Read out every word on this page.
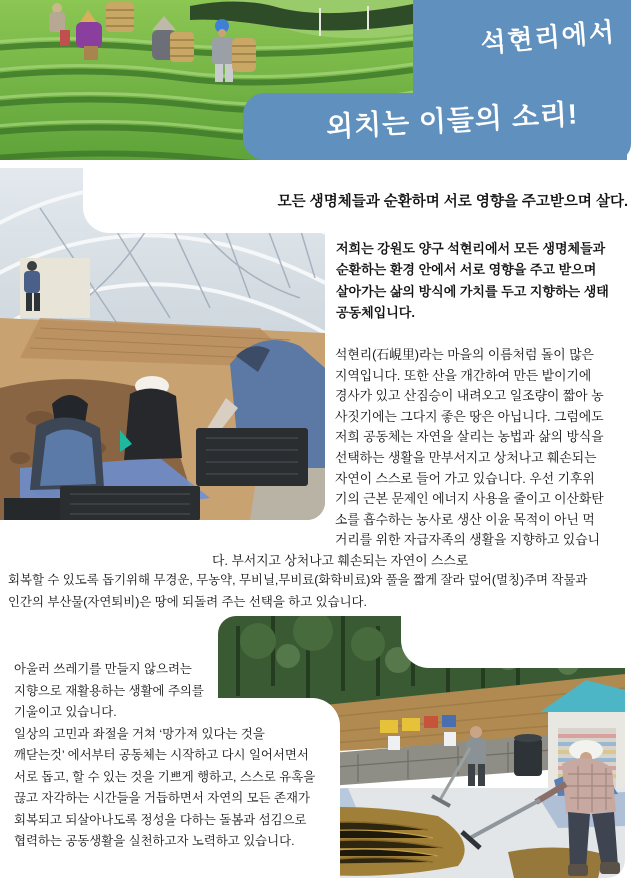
석현리에서
외치는 이들의 소리!
모든 생명체들과 순환하며 서로 영향을 주고받으며 살다.
저희는 강원도 양구 석현리에서 모든 생명체들과
순환하는 환경 안에서 서로 영향을 주고 받으며
살아가는 삶의 방식에 가치를 두고 지향하는 생태
공동체입니다.
석현리(石峴里)라는 마을의 이름처럼 돌이 많은
지역입니다. 또한 산을 개간하여 만든 밭이기에
경사가 있고 산짐승이 내려오고 일조량이 짧아 농
사짓기에는 그다지 좋은 땅은 아닙니다. 그럼에도
저희 공동체는 자연을 살리는 농법과 삶의 방식을
선택하는 생활을 만부서지고 상처나고 훼손되는
자연이 스스로 들어 가고 있습니다. 우선 기후위
기의 근본 문제인 에너지 사용을 줄이고 이산화탄
소를 흡수하는 농사로 생산 이윤 목적이 아닌 먹
거리를 위한 자급자족의 생활을 지향하고 있습니
다. 부서지고 상처나고 훼손되는 자연이 스스로
회복할 수 있도록 돕기위해 무경운, 무농약, 무비닐,무비료(화학비료)와 풀을 짧게 잘라 덮어(멀칭)주며 작물과
인간의 부산물(자연퇴비)은 땅에 되돌려 주는 선택을 하고 있습니다.
아울러 쓰레기를 만들지 않으려는
지향으로 재활용하는 생활에 주의를
기울이고 있습니다.
일상의 고민과 좌절을 거쳐 ‘망가져 있다는 것을
깨닫는것’ 에서부터 공동체는 시작하고 다시 일어서면서
서로 돕고, 할 수 있는 것을 기쁘게 행하고, 스스로 유혹을
끊고 자각하는 시간들을 거듭하면서 자연의 모든 존재가
회복되고 되살아나도록 정성을 다하는 돌봄과 섬김으로
협력하는 공동생활을 실천하고자 노력하고 있습니다.
